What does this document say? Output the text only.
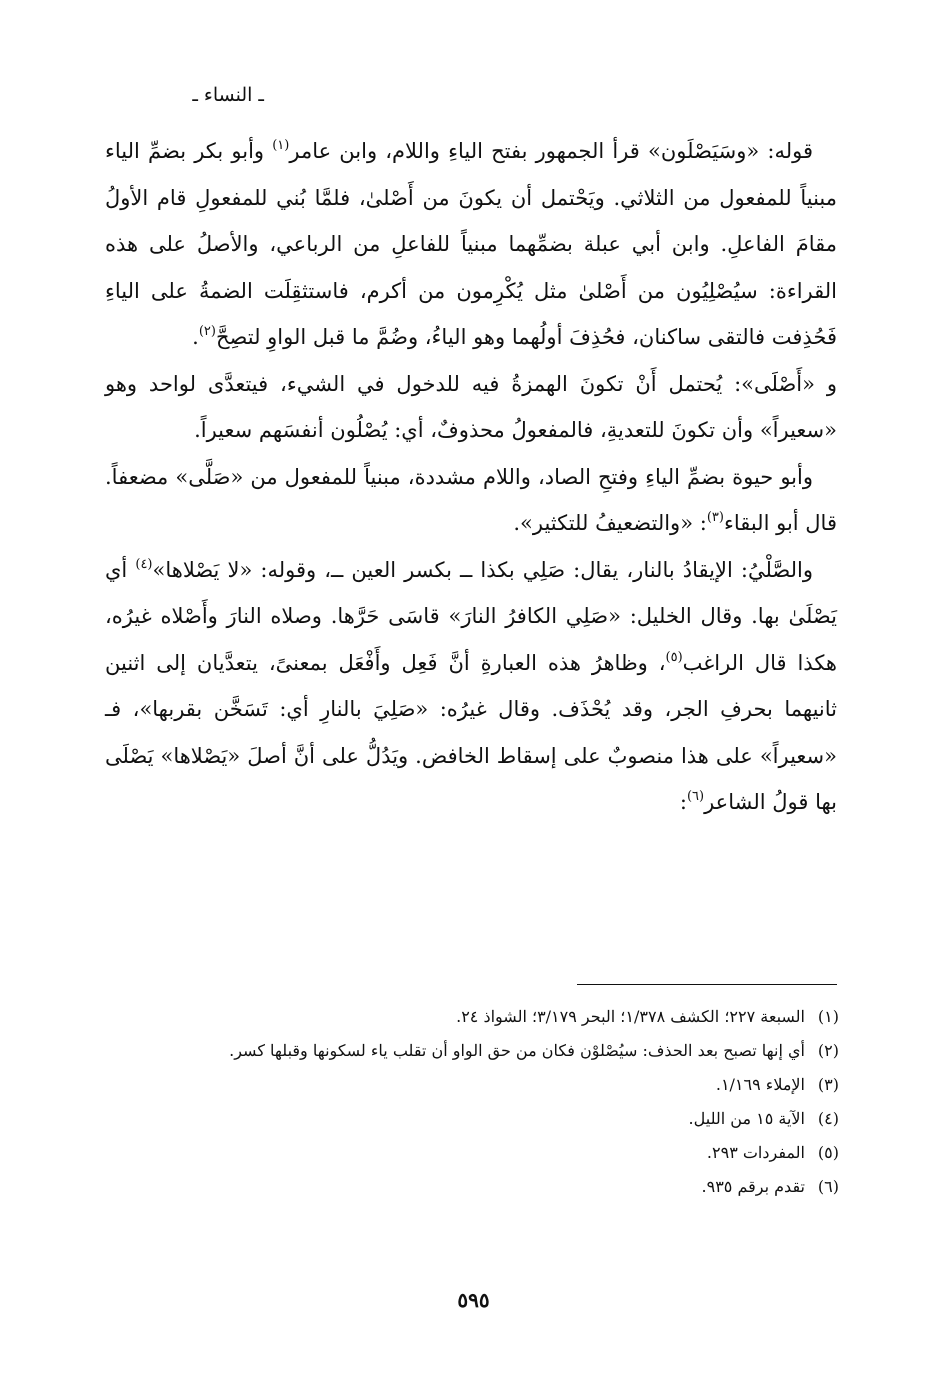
ـ النساء ـ

قوله: «وسَيَصْلَون» قرأ الجمهور بفتح الياءِ واللام، وابن عامر$^{(١)}$ وأبو بكر بضمِّ الياء مبنياً للمفعول من الثلاثي. ويَحْتمل أن يكونَ من أَصْلىٰ، فلمَّا بُني للمفعولِ قام الأولُ مقامَ الفاعلِ. وابن أبي عبلة بضمِّهما مبنياً للفاعلِ من الرباعي، والأصلُ على هذه القراءة: سيُصْلِيُون من أَصْلىٰ مثل يُكْرِمون من أكرم، فاستثقِلَت الضمةُ على الياءِ فَحُذِفت فالتقى ساكنان، فحُذِفَ أولُهما وهو الياءُ، وضُمَّ ما قبل الواوِ لتصِحَّ$^{(٢)}$.

و «أَصْلَى»: يُحتمل أَنْ تكونَ الهمزةُ فيه للدخول في الشيء، فيتعدَّى لواحد وهو «سعيراً» وأن تكونَ للتعديةِ، فالمفعولُ محذوفٌ، أي: يُصْلُون أنفسَهم سعيراً.

وأبو حيوة بضمِّ الياءِ وفتحِ الصاد، واللام مشددة، مبنياً للمفعول من «صَلَّى» مضعفاً. قال أبو البقاء$^{(٣)}$: «والتضعيفُ للتكثير».

والصَّلْيُ: الإيقادُ بالنار، يقال: صَلِي بكذا ــ بكسر العين ــ، وقوله: «لا يَصْلاها»$^{(٤)}$ أي يَصْلَىٰ بها. وقال الخليل: «صَلِي الكافرُ النارَ» قاسَى حَرَّها. وصلاه النارَ وأَصْلاه غيرُه، هكذا قال الراغب$^{(٥)}$، وظاهرُ هذه العبارةِ أنَّ فَعِل وأَفْعَل بمعنىً، يتعدَّيان إلى اثنين ثانيهما بحرفِ الجر، وقد يُحْذَف. وقال غيرُه: «صَلِيَ بالنارِ أي: تَسَخَّن بقربها»، فـ «سعيراً» على هذا منصوبٌ على إسقاط الخافض. ويَدُلُّ على أنَّ أصلَ «يَصْلاها» يَصْلَى بها قولُ الشاعر$^{(٦)}$:

(١)
السبعة ٢٢٧؛ الكشف ١/٣٧٨؛ البحر ٣/١٧٩؛ الشواذ ٢٤.
(٢)
أي إنها تصبح بعد الحذف: سيُصْلوْن فكان من حق الواو أن تقلب ياء لسكونها وقبلها كسر.
(٣)
الإملاء ١/١٦٩.
(٤)
الآية ١٥ من الليل.
(٥)
المفردات ٢٩٣.
(٦)
تقدم برقم ٩٣٥.
٥٩٥
